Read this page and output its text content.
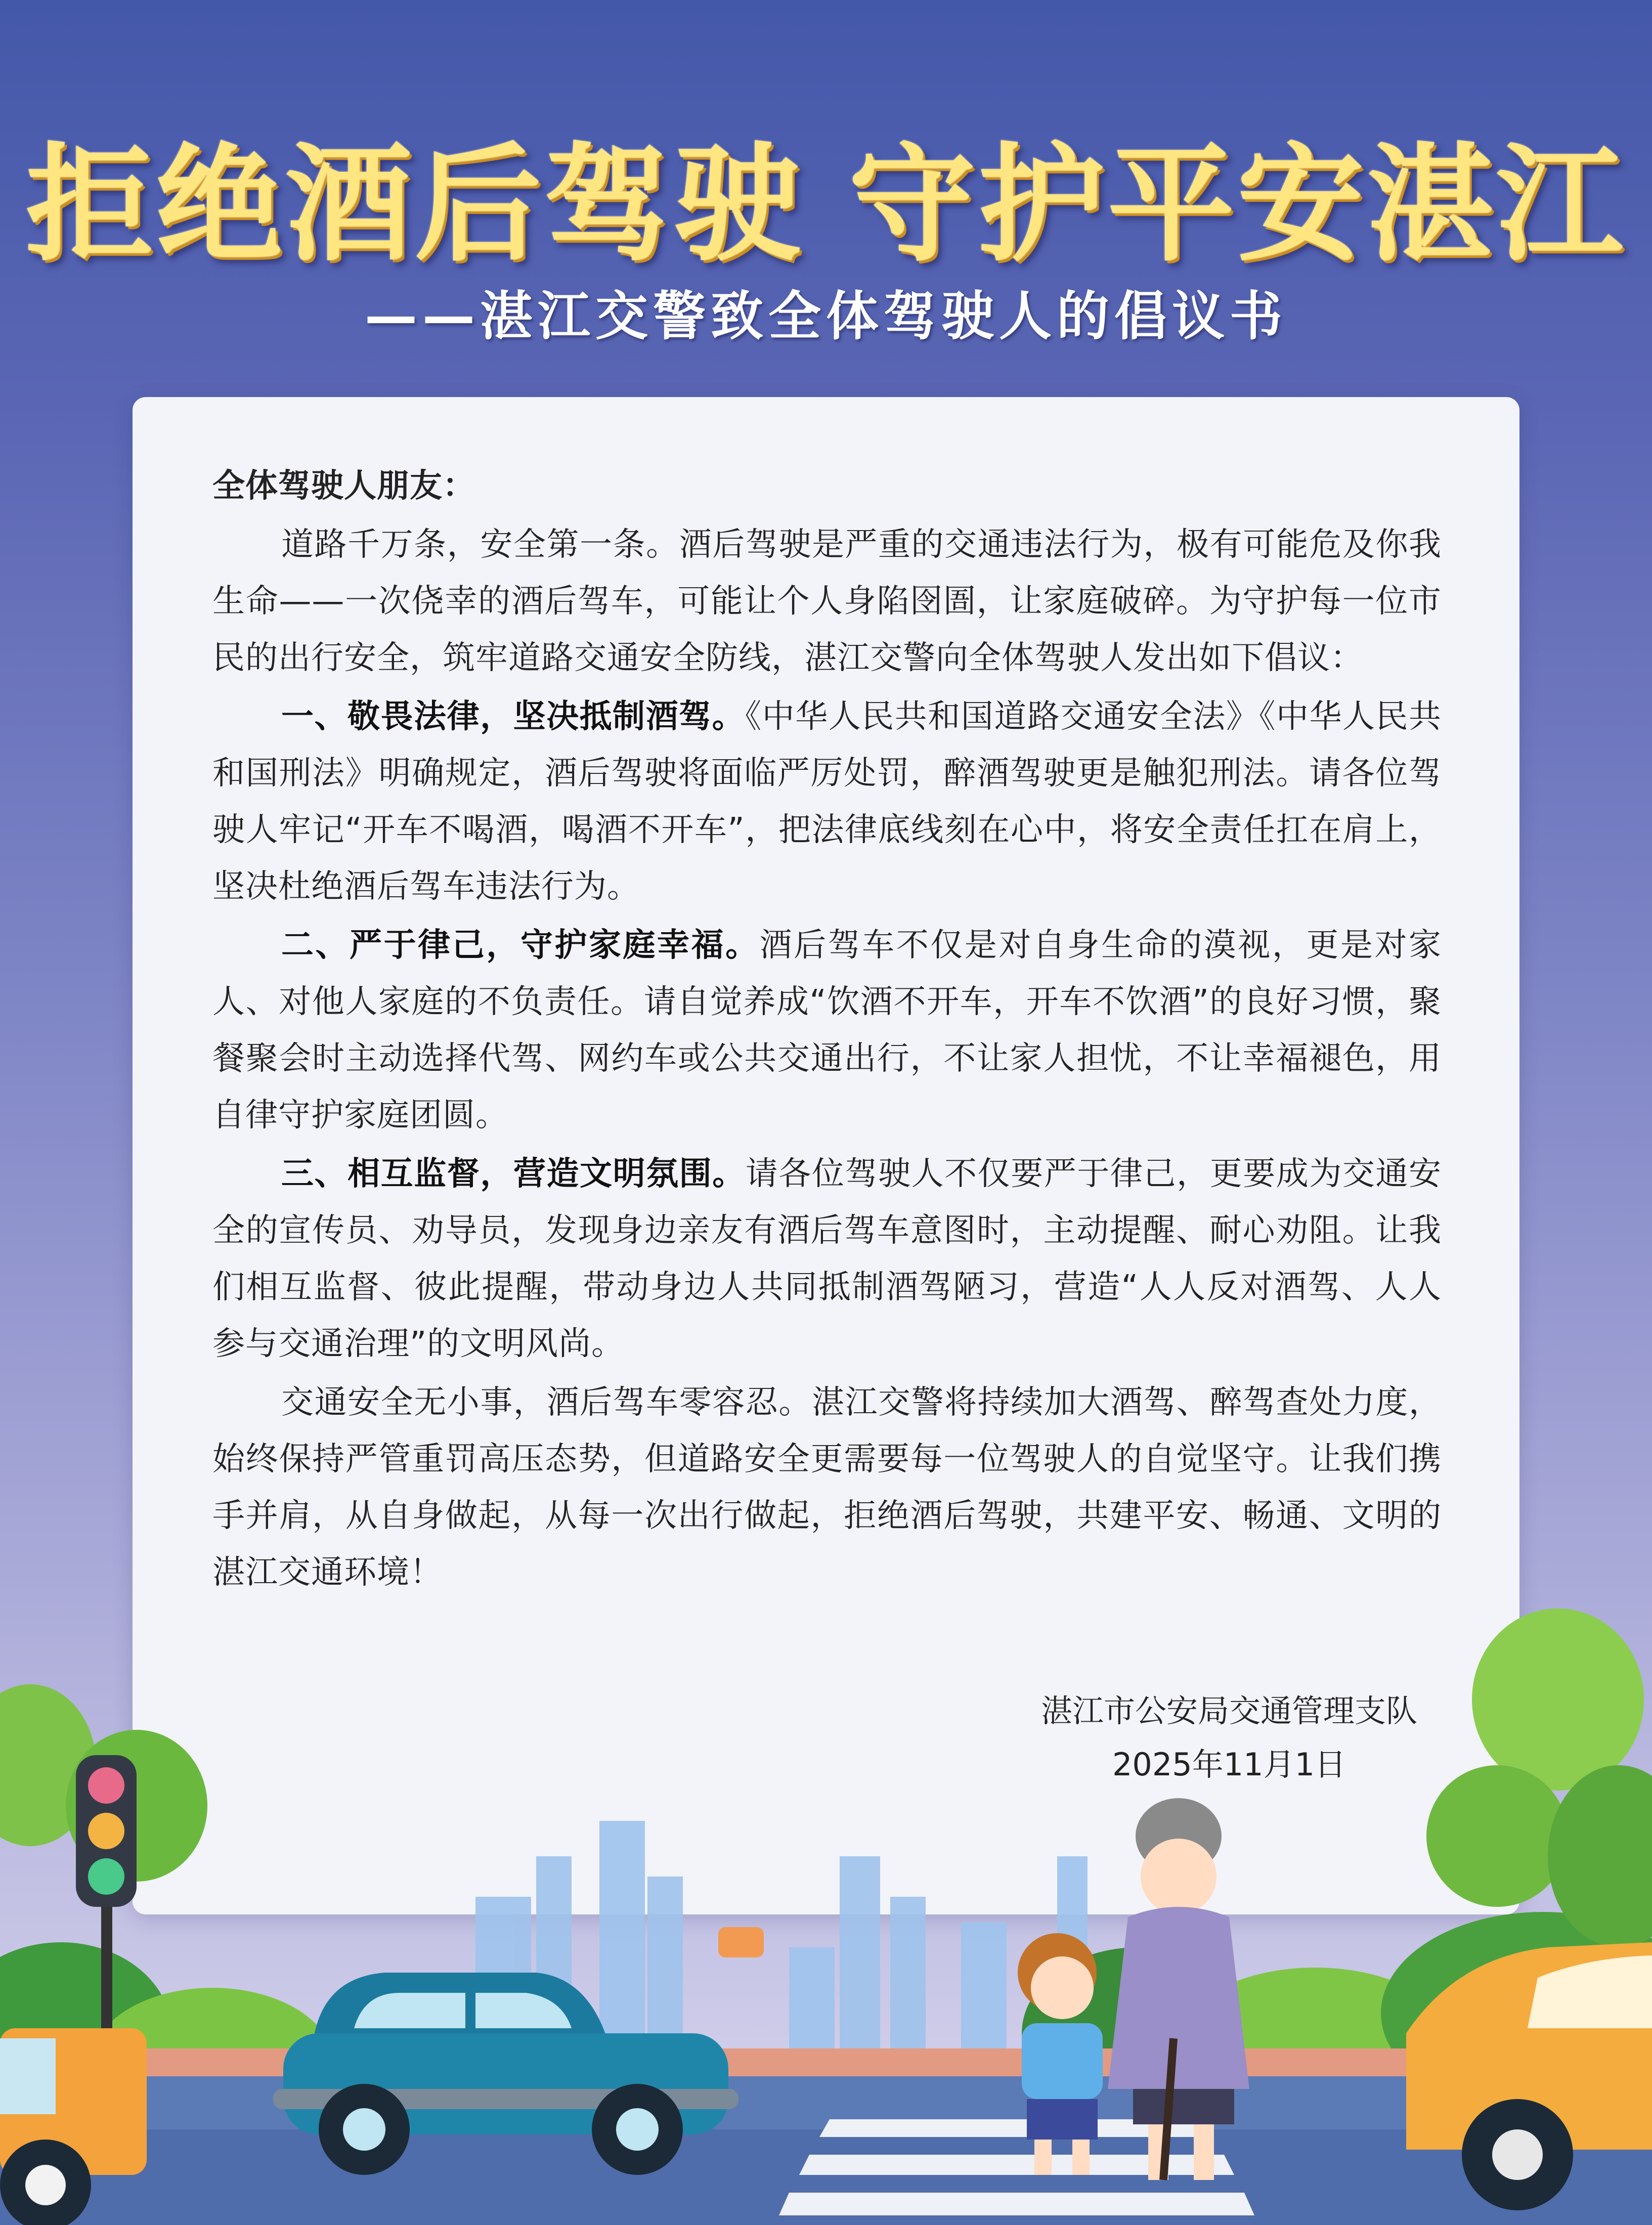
拒绝酒后驾驶 守护平安湛江
——湛江交警致全体驾驶人的倡议书

全体驾驶人朋友：

道路千万条，安全第一条。酒后驾驶是严重的交通违法行为，极有可能危及你我生命——一次侥幸的酒后驾车，可能让个人身陷囹圄，让家庭破碎。为守护每一位市民的出行安全，筑牢道路交通安全防线，湛江交警向全体驾驶人发出如下倡议：

一、敬畏法律，坚决抵制酒驾。《中华人民共和国道路交通安全法》《中华人民共和国刑法》明确规定，酒后驾驶将面临严厉处罚，醉酒驾驶更是触犯刑法。请各位驾驶人牢记“开车不喝酒，喝酒不开车”，把法律底线刻在心中，将安全责任扛在肩上，坚决杜绝酒后驾车违法行为。

二、严于律己，守护家庭幸福。酒后驾车不仅是对自身生命的漠视，更是对家人、对他人家庭的不负责任。请自觉养成“饮酒不开车，开车不饮酒”的良好习惯，聚餐聚会时主动选择代驾、网约车或公共交通出行，不让家人担忧，不让幸福褪色，用自律守护家庭团圆。

三、相互监督，营造文明氛围。请各位驾驶人不仅要严于律己，更要成为交通安全的宣传员、劝导员，发现身边亲友有酒后驾车意图时，主动提醒、耐心劝阻。让我们相互监督、彼此提醒，带动身边人共同抵制酒驾陋习，营造“人人反对酒驾、人人参与交通治理”的文明风尚。

交通安全无小事，酒后驾车零容忍。湛江交警将持续加大酒驾、醉驾查处力度，始终保持严管重罚高压态势，但道路安全更需要每一位驾驶人的自觉坚守。让我们携手并肩，从自身做起，从每一次出行做起，拒绝酒后驾驶，共建平安、畅通、文明的湛江交通环境！

湛江市公安局交通管理支队
2025年11月1日
